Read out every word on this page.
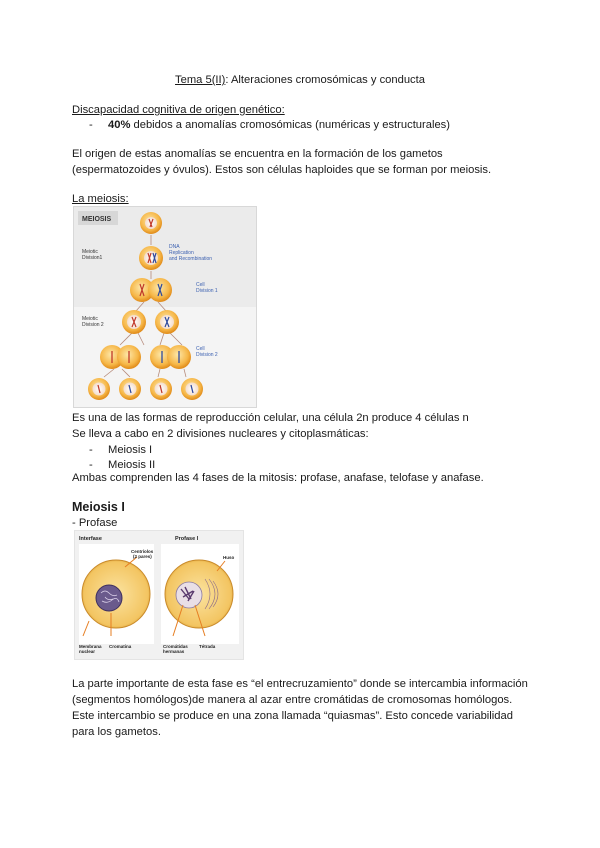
Tema 5(II): Alteraciones cromosómicas y conducta

Discapacidad cognitiva de origen genético:

- 40% debidos a anomalías cromosómicas (numéricas y estructurales)

El origen de estas anomalías se encuentra en la formación de los gametos

(espermatozoides y óvulos). Estos son células haploides que se forman por meiosis.

La meiosis:

MEIOSIS
Meiotic
Division1
DNA
Replication
and Recombination
Cell
Division 1
Meiotic
Division 2
Cell
Division 2

Es una de las formas de reproducción celular, una célula 2n produce 4 células n

Se lleva a cabo en 2 divisiones nucleares y citoplasmáticas:

- Meiosis I

- Meiosis II

Ambas comprenden las 4 fases de la mitosis: profase, anafase, telofase y anafase.

Meiosis I

- Profase

Interfase	Profase I
Centríolos
(2 pares)
Membrana
nuclear
Cromatina
Huso
Cromátidas
hermanas
Tétrada

La parte importante de esta fase es “el entrecruzamiento” donde se intercambia información

(segmentos homólogos)de manera al azar entre cromátidas de cromosomas homólogos.

Este intercambio se produce en una zona llamada “quiasmas”. Esto concede variabilidad

para los gametos.
